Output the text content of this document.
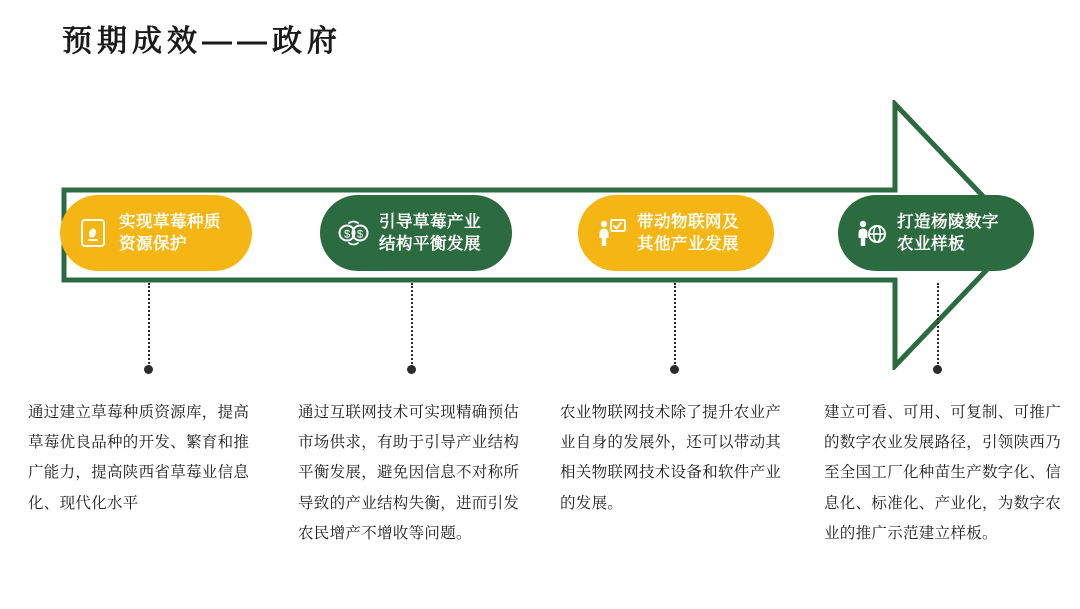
预期成效——政府
实现草莓种质
资源保护
$ $
引导草莓产业
结构平衡发展
带动物联网及
其他产业发展
打造杨陵数字
农业样板
通过建立草莓种质资源库，提高草莓优良品种的开发、繁育和推广能力，提高陕西省草莓业信息化、现代化水平
通过互联网技术可实现精确预估市场供求，有助于引导产业结构平衡发展，避免因信息不对称所导致的产业结构失衡，进而引发农民增产不增收等问题。
农业物联网技术除了提升农业产业自身的发展外，还可以带动其相关物联网技术设备和软件产业的发展。
建立可看、可用、可复制、可推广的数字农业发展路径，引领陕西乃至全国工厂化种苗生产数字化、信息化、标准化、产业化，为数字农业的推广示范建立样板。
